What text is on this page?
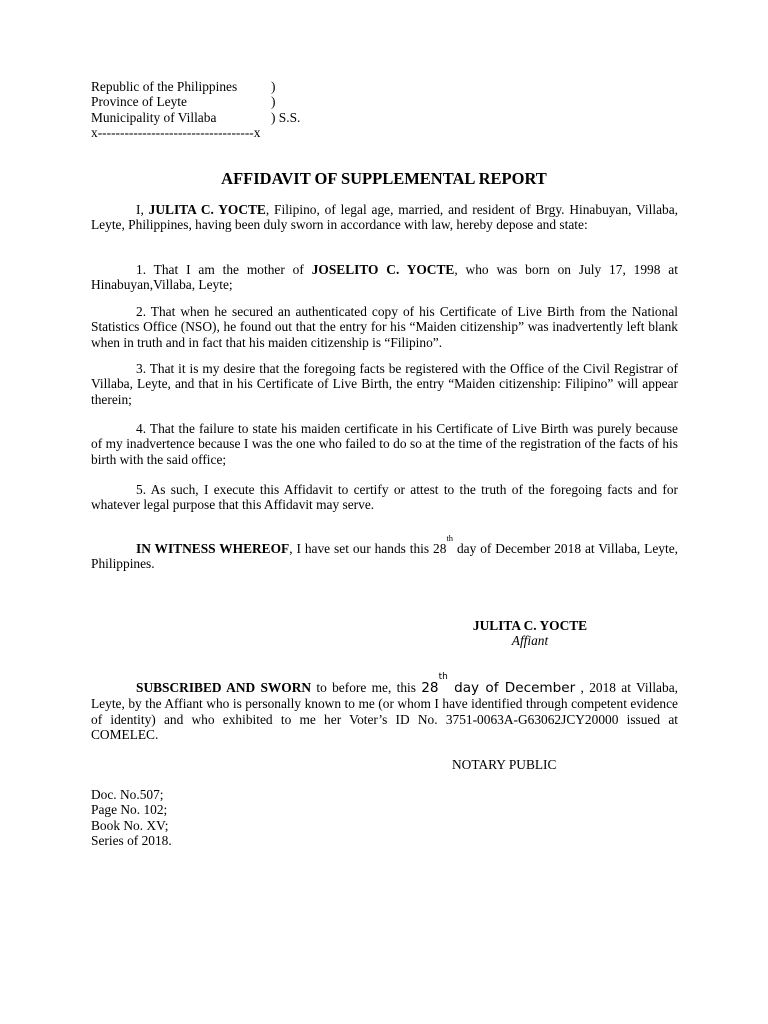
Republic of the Philippines	)
Province of Leyte	)
Municipality of Villaba	) S.S.
x-----------------------------------x
AFFIDAVIT OF SUPPLEMENTAL REPORT
I, JULITA C. YOCTE, Filipino, of legal age, married, and resident of Brgy. Hinabuyan, Villaba, Leyte, Philippines, having been duly sworn in accordance with law, hereby depose and state:
1. That I am the mother of JOSELITO C. YOCTE, who was born on July 17, 1998 at Hinabuyan,Villaba, Leyte;
2. That when he secured an authenticated copy of his Certificate of Live Birth from the National Statistics Office (NSO), he found out that the entry for his “Maiden citizenship” was inadvertently left blank when in truth and in fact that his maiden citizenship is “Filipino”.
3. That it is my desire that the foregoing facts be registered with the Office of the Civil Registrar of Villaba, Leyte, and that in his Certificate of Live Birth, the entry “Maiden citizenship: Filipino” will appear therein;
4. That the failure to state his maiden certificate in his Certificate of Live Birth was purely because of my inadvertence because I was the one who failed to do so at the time of the registration of the facts of his birth with the said office;
5. As such, I execute this Affidavit to certify or attest to the truth of the foregoing facts and for whatever legal purpose that this Affidavit may serve.
IN WITNESS WHEREOF, I have set our hands this 28th day of December 2018 at Villaba, Leyte, Philippines.
JULITA C. YOCTE
Affiant
SUBSCRIBED AND SWORN to before me, this 28th day of December , 2018 at Villaba, Leyte, by the Affiant who is personally known to me (or whom I have identified through competent evidence of identity) and who exhibited to me her Voter’s ID No. 3751-0063A-G63062JCY20000 issued at COMELEC.
NOTARY PUBLIC
Doc. No.507;
Page No. 102;
Book No. XV;
Series of 2018.
